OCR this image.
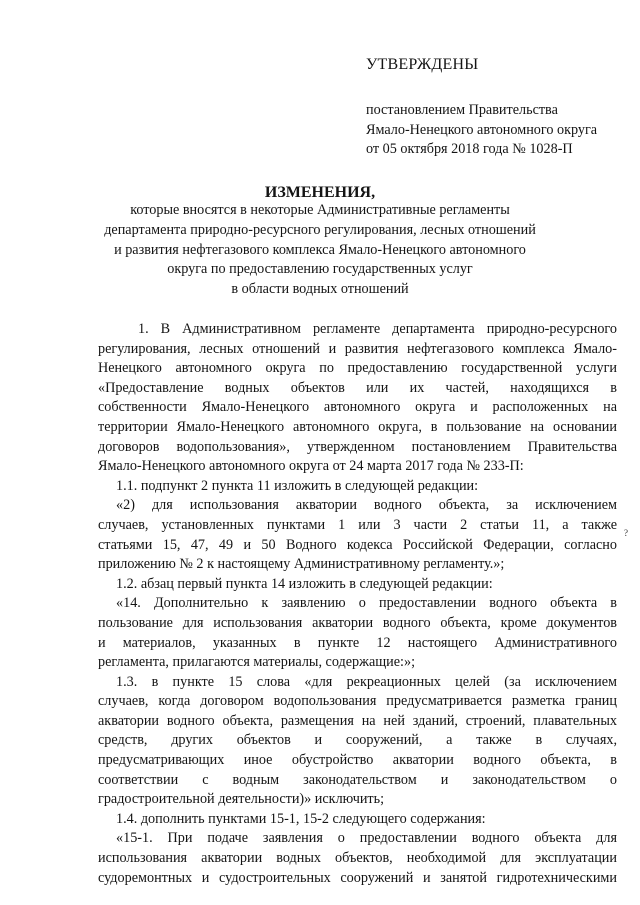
УТВЕРЖДЕНЫ
постановлением Правительства
Ямало-Ненецкого автономного округа
от 05 октября 2018 года № 1028-П
ИЗМЕНЕНИЯ,
которые вносятся в некоторые Административные регламенты
департамента природно-ресурсного регулирования, лесных отношений
и развития нефтегазового комплекса Ямало-Ненецкого автономного
округа по предоставлению государственных услуг
в области водных отношений
1. В Административном регламенте департамента природно-ресурсного
регулирования, лесных отношений и развития нефтегазового комплекса Ямало-
Ненецкого автономного округа по предоставлению государственной услуги
«Предоставление водных объектов или их частей, находящихся в
собственности Ямало-Ненецкого автономного округа и расположенных на
территории Ямало-Ненецкого автономного округа, в пользование на основании
договоров водопользования», утвержденном постановлением Правительства
Ямало-Ненецкого автономного округа от 24 марта 2017 года № 233-П:
1.1. подпункт 2 пункта 11 изложить в следующей редакции:
«2) для использования акватории водного объекта, за исключением
случаев, установленных пунктами 1 или 3 части 2 статьи 11, а также
статьями 15, 47, 49 и 50 Водного кодекса Российской Федерации, согласно
приложению № 2 к настоящему Административному регламенту.»;
1.2. абзац первый пункта 14 изложить в следующей редакции:
«14. Дополнительно к заявлению о предоставлении водного объекта в
пользование для использования акватории водного объекта, кроме документов
и материалов, указанных в пункте 12 настоящего Административного
регламента, прилагаются материалы, содержащие:»;
1.3. в пункте 15 слова «для рекреационных целей (за исключением
случаев, когда договором водопользования предусматривается разметка границ
акватории водного объекта, размещения на ней зданий, строений, плавательных
средств, других объектов и сооружений, а также в случаях,
предусматривающих иное обустройство акватории водного объекта, в
соответствии с водным законодательством и законодательством о
градостроительной деятельности)» исключить;
1.4. дополнить пунктами 15-1, 15-2 следующего содержания:
«15-1. При подаче заявления о предоставлении водного объекта для
использования акватории водных объектов, необходимой для эксплуатации
судоремонтных и судостроительных сооружений и занятой гидротехническими
?
